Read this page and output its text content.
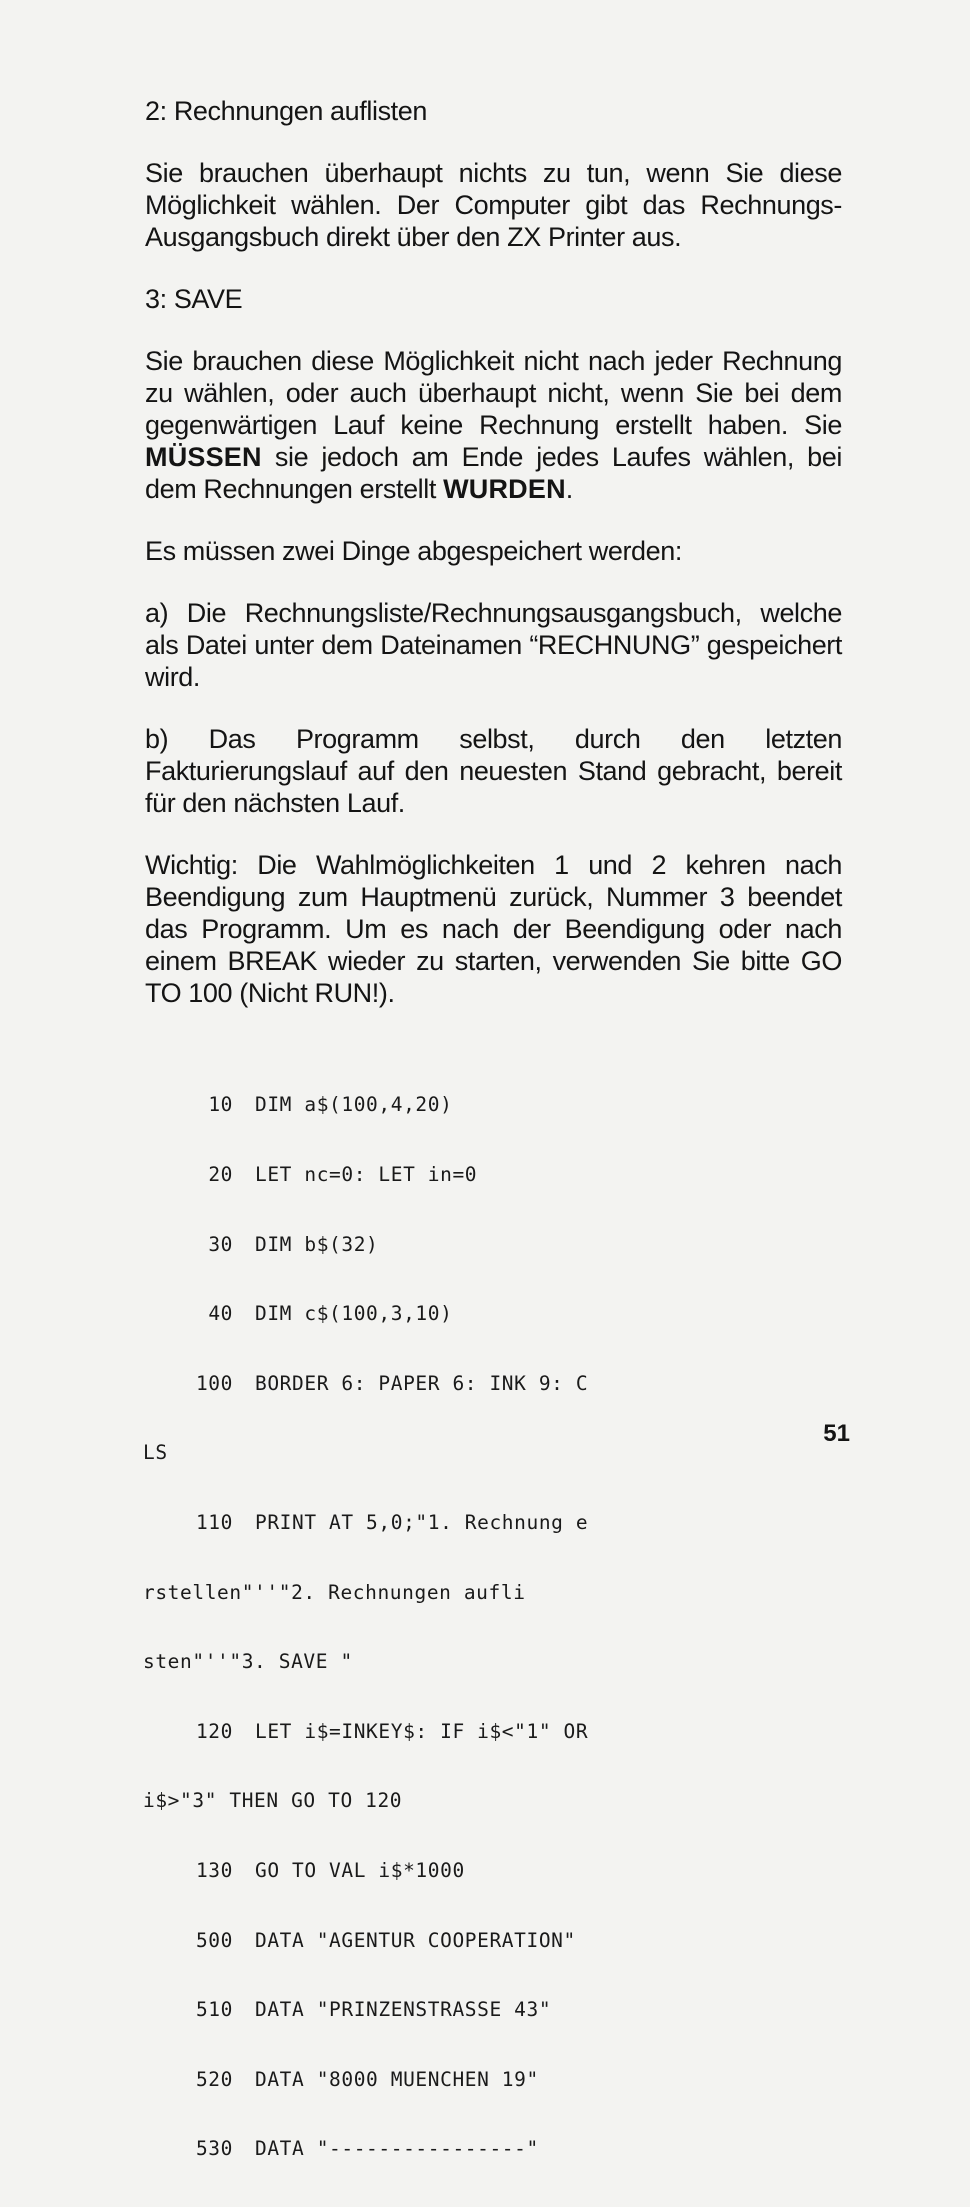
2: Rechnungen auflisten

Sie brauchen überhaupt nichts zu tun, wenn Sie diese Möglichkeit wählen. Der Computer gibt das Rechnungs-Ausgangsbuch direkt über den ZX Printer aus.

3: SAVE

Sie brauchen diese Möglichkeit nicht nach jeder Rechnung zu wählen, oder auch überhaupt nicht, wenn Sie bei dem gegenwärtigen Lauf keine Rechnung erstellt haben. Sie MÜSSEN sie jedoch am Ende jedes Laufes wählen, bei dem Rechnungen erstellt WURDEN.

Es müssen zwei Dinge abgespeichert werden:

a) Die Rechnungsliste/Rechnungsausgangsbuch, welche als Datei unter dem Dateinamen “RECHNUNG” gespeichert wird.

b) Das Programm selbst, durch den letzten Fakturierungslauf auf den neuesten Stand gebracht, bereit für den nächsten Lauf.

Wichtig: Die Wahlmöglichkeiten 1 und 2 kehren nach Beendigung zum Hauptmenü zurück, Nummer 3 beendet das Programm. Um es nach der Beendigung oder nach einem BREAK wieder zu starten, verwenden Sie bitte GO TO 100 (Nicht RUN!).

10 DIM a$(100,4,20)

20 LET nc=0: LET in=0

30 DIM b$(32)

40 DIM c$(100,3,10)

100 BORDER 6: PAPER 6: INK 9: C

LS

110 PRINT AT 5,0;"1. Rechnung e

rstellen"''"2. Rechnungen aufli

sten"''"3. SAVE "

120 LET i$=INKEY$: IF i$<"1" OR

i$>"3" THEN GO TO 120

130 GO TO VAL i$*1000

500 DATA "AGENTUR COOPERATION"

510 DATA "PRINZENSTRASSE 43"

520 DATA "8000 MUENCHEN 19"

530 DATA "----------------"

51
